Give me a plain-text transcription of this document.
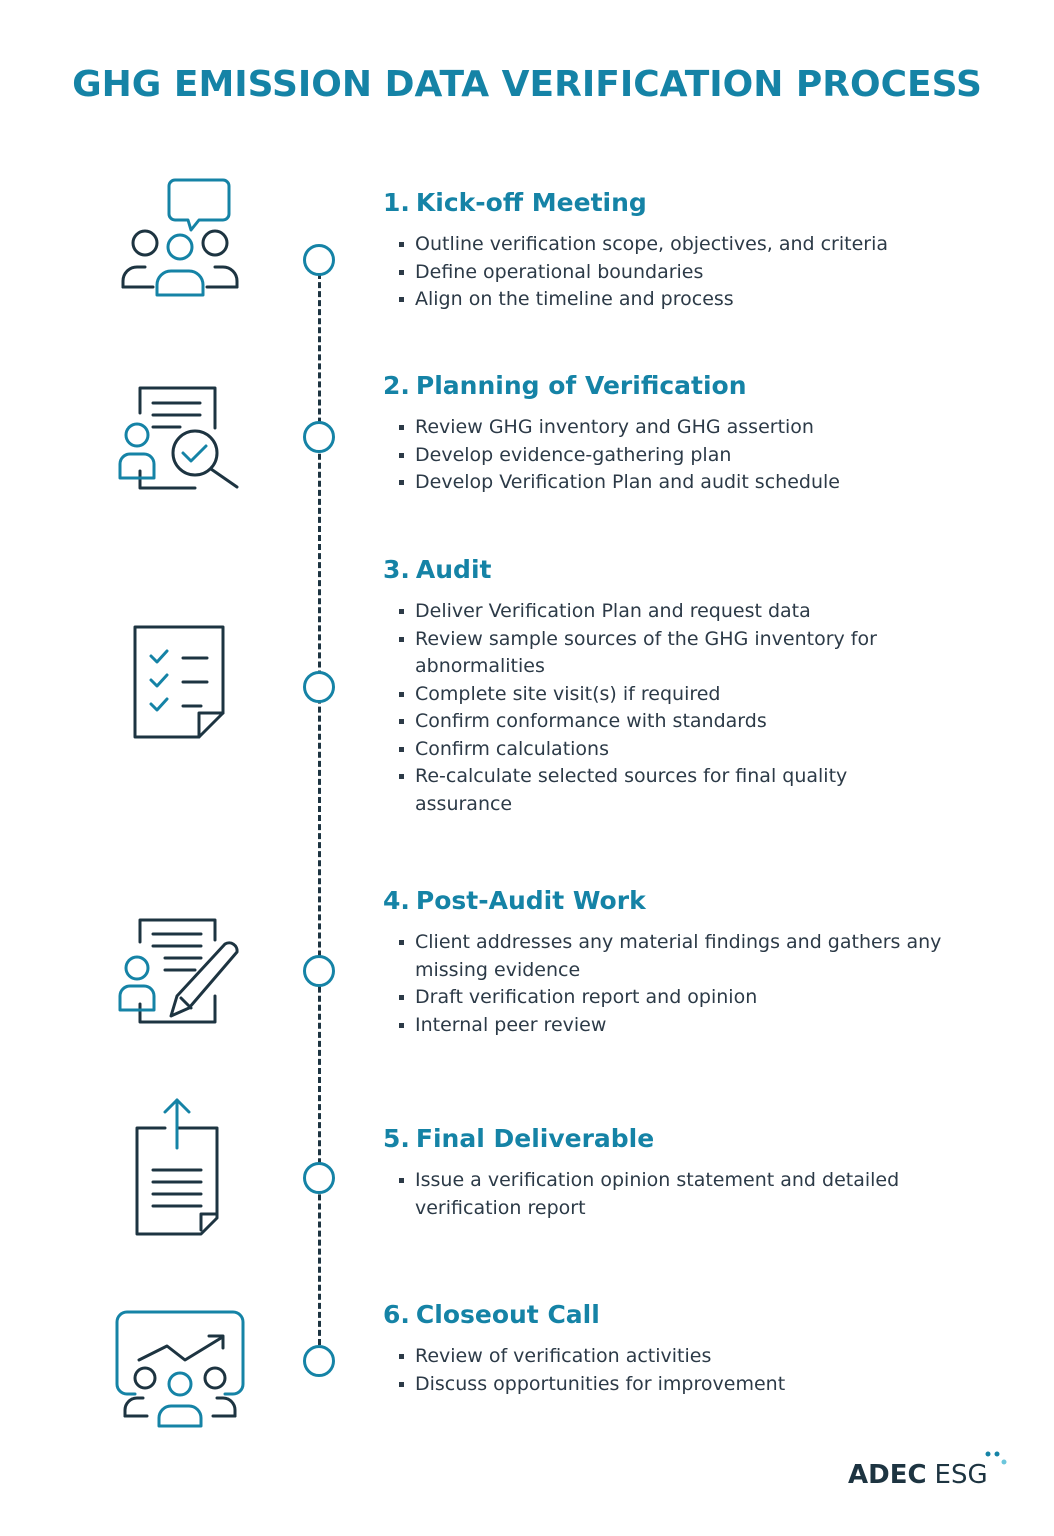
GHG EMISSION DATA VERIFICATION PROCESS
1. Kick-off Meeting
Outline verification scope, objectives, and criteria
Define operational boundaries
Align on the timeline and process
2. Planning of Verification
Review GHG inventory and GHG assertion
Develop evidence-gathering plan
Develop Verification Plan and audit schedule
3. Audit
Deliver Verification Plan and request data
Review sample sources of the GHG inventory for abnormalities
Complete site visit(s) if required
Confirm conformance with standards
Confirm calculations
Re-calculate selected sources for final quality assurance
4. Post-Audit Work
Client addresses any material findings and gathers any missing evidence
Draft verification report and opinion
Internal peer review
5. Final Deliverable
Issue a verification opinion statement and detailed verification report
6. Closeout Call
Review of verification activities
Discuss opportunities for improvement
ADEC ESG
